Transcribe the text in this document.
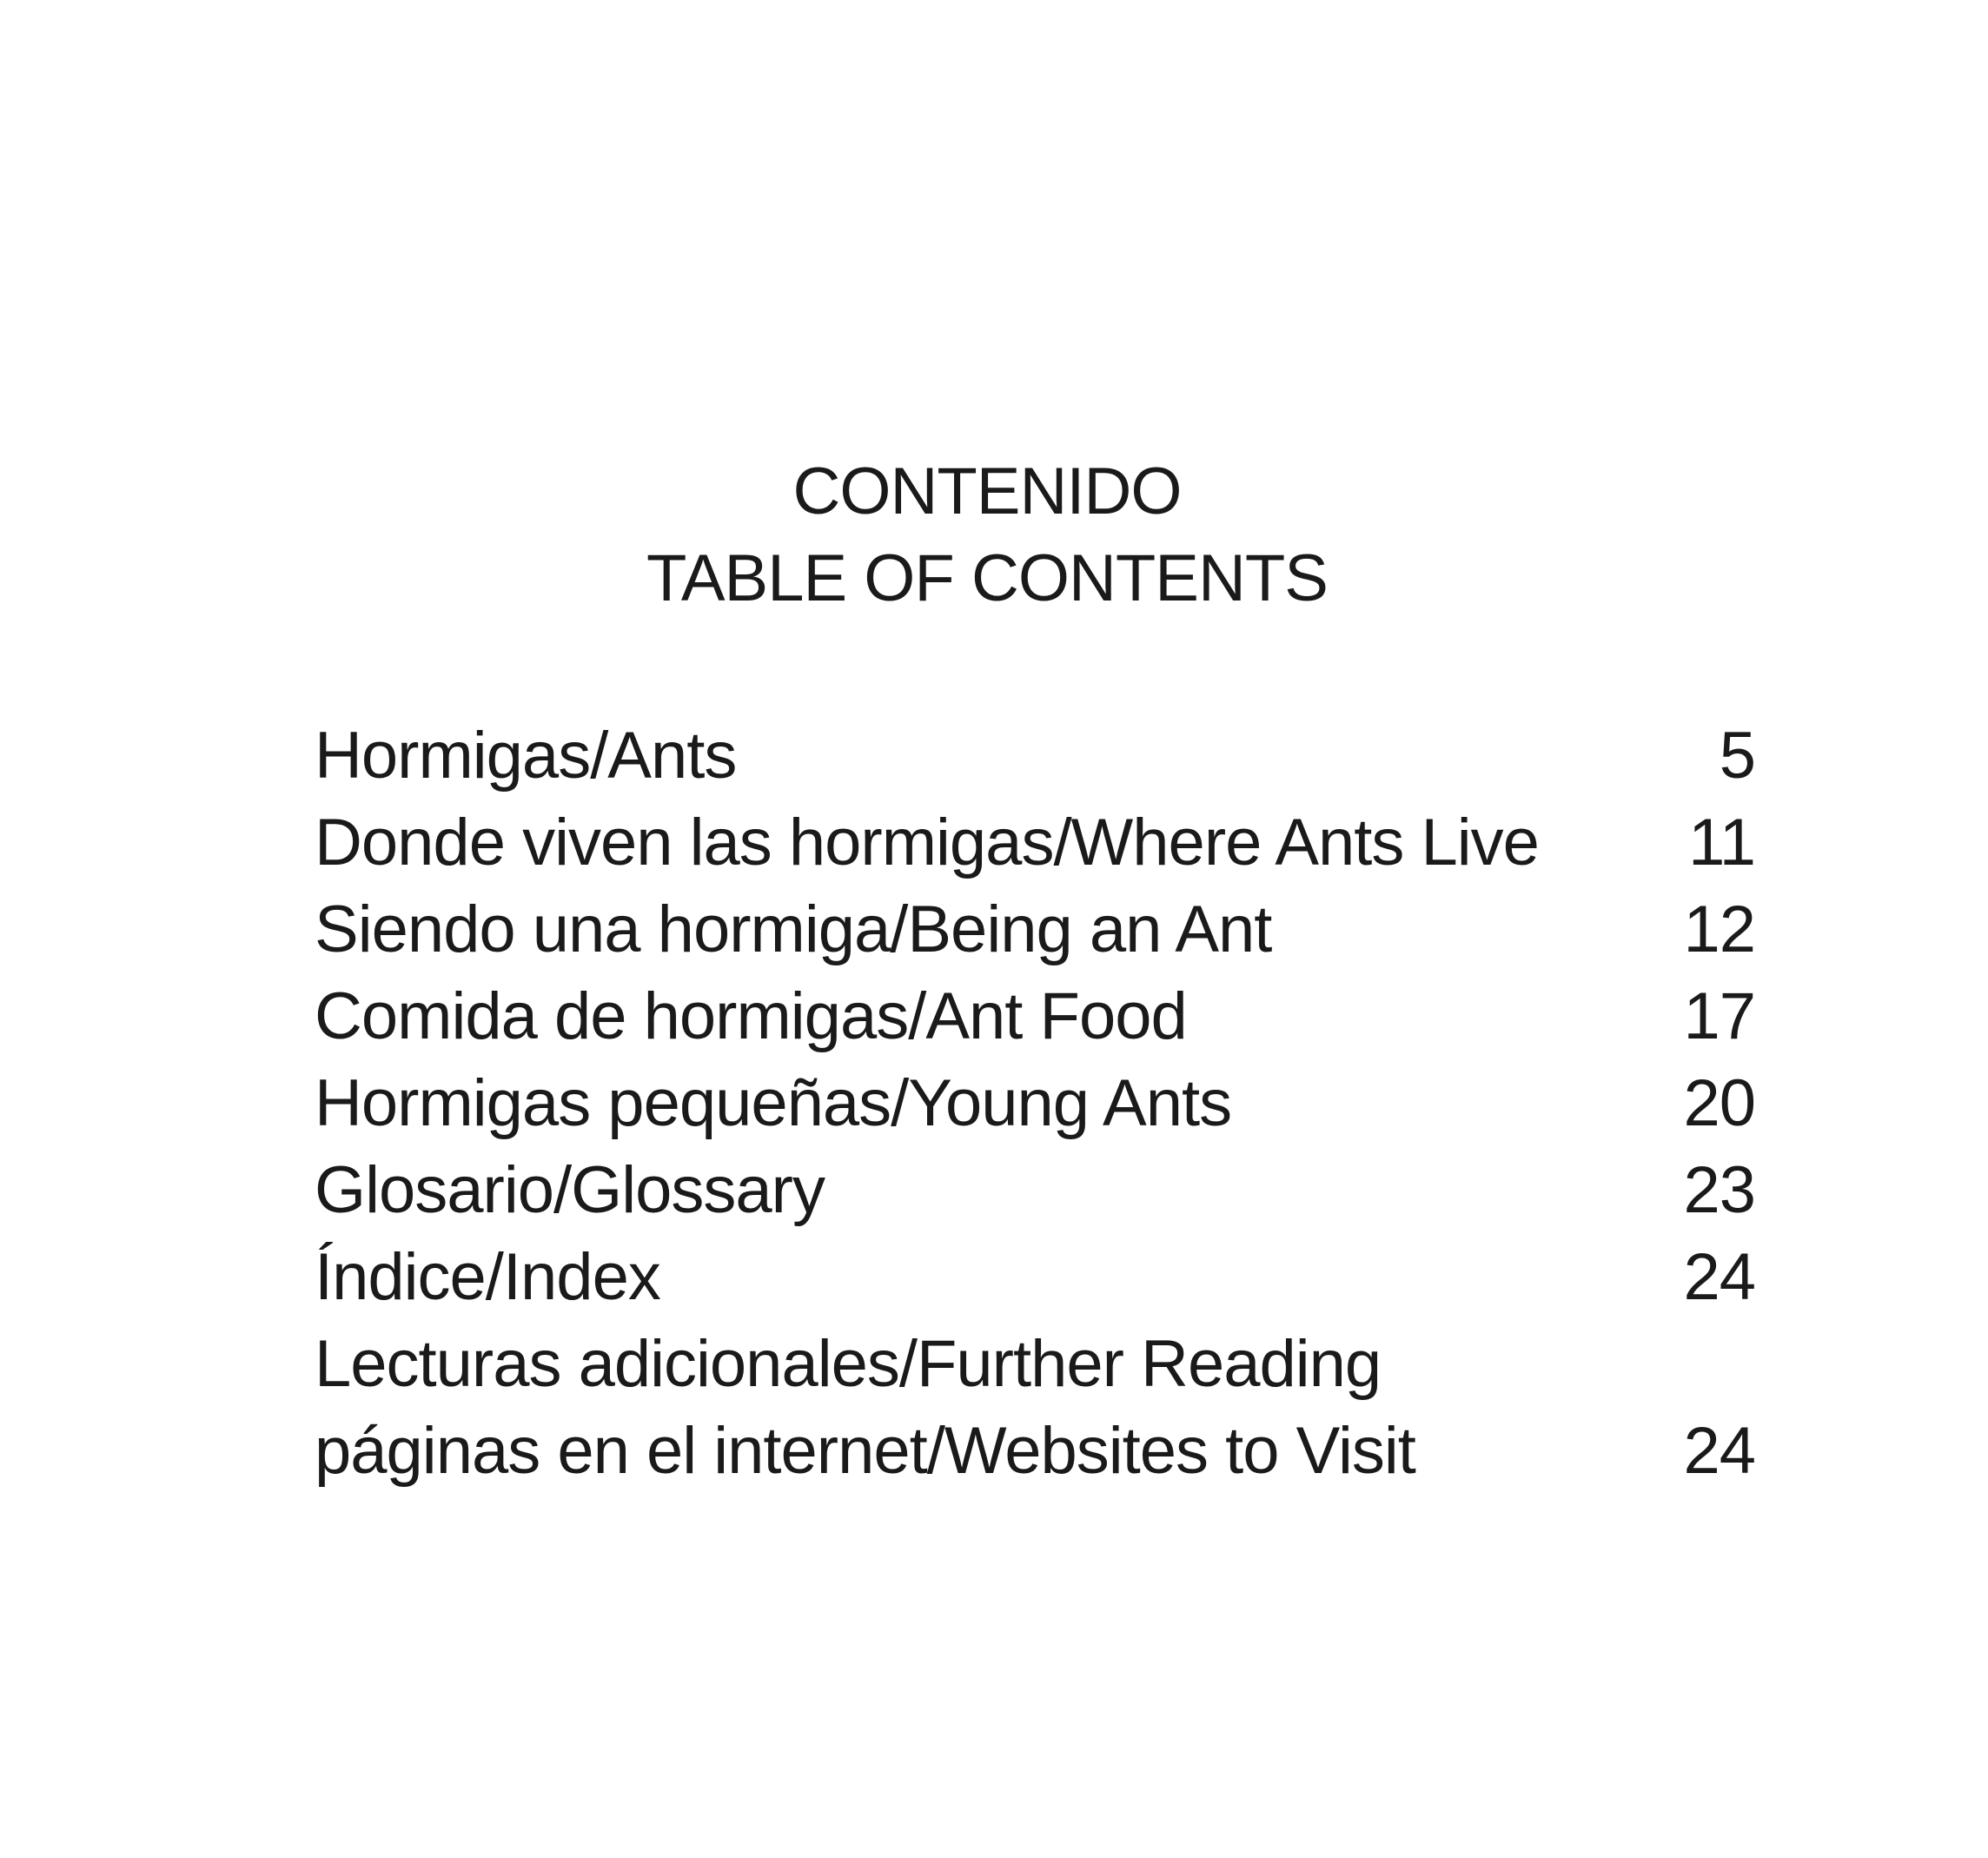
CONTENIDO
TABLE OF CONTENTS
Hormigas/Ants	5
Donde viven las hormigas/Where Ants Live 11
Siendo una hormiga/Being an Ant	12
Comida de hormigas/Ant Food	17
Hormigas pequeñas/Young Ants	20
Glosario/Glossary	23
Índice/Index	24
Lecturas adicionales/Further Reading
páginas en el internet/Websites to Visit	24
